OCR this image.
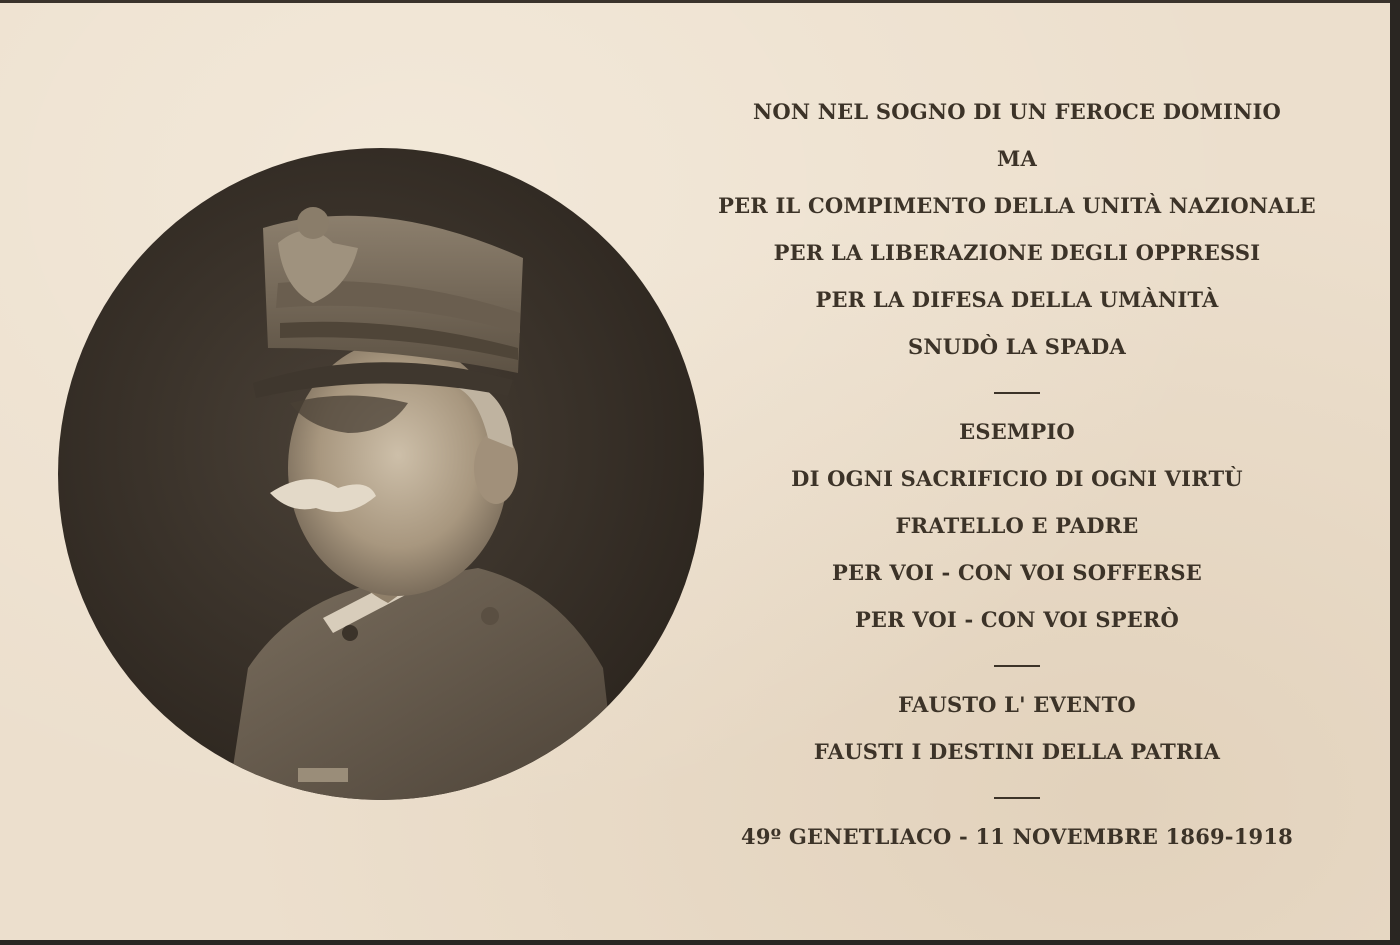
NON NEL SOGNO DI UN FEROCE DOMINIO
MA
PER IL COMPIMENTO DELLA UNITÀ NAZIONALE
PER LA LIBERAZIONE DEGLI OPPRESSI
PER LA DIFESA DELLA UMÀNITÀ
SNUDÒ LA SPADA
ESEMPIO
DI OGNI SACRIFICIO DI OGNI VIRTÙ
FRATELLO E PADRE
PER VOI - CON VOI SOFFERSE
PER VOI - CON VOI SPERÒ
FAUSTO L' EVENTO
FAUSTI I DESTINI DELLA PATRIA
49º GENETLIACO - 11 NOVEMBRE 1869-1918
